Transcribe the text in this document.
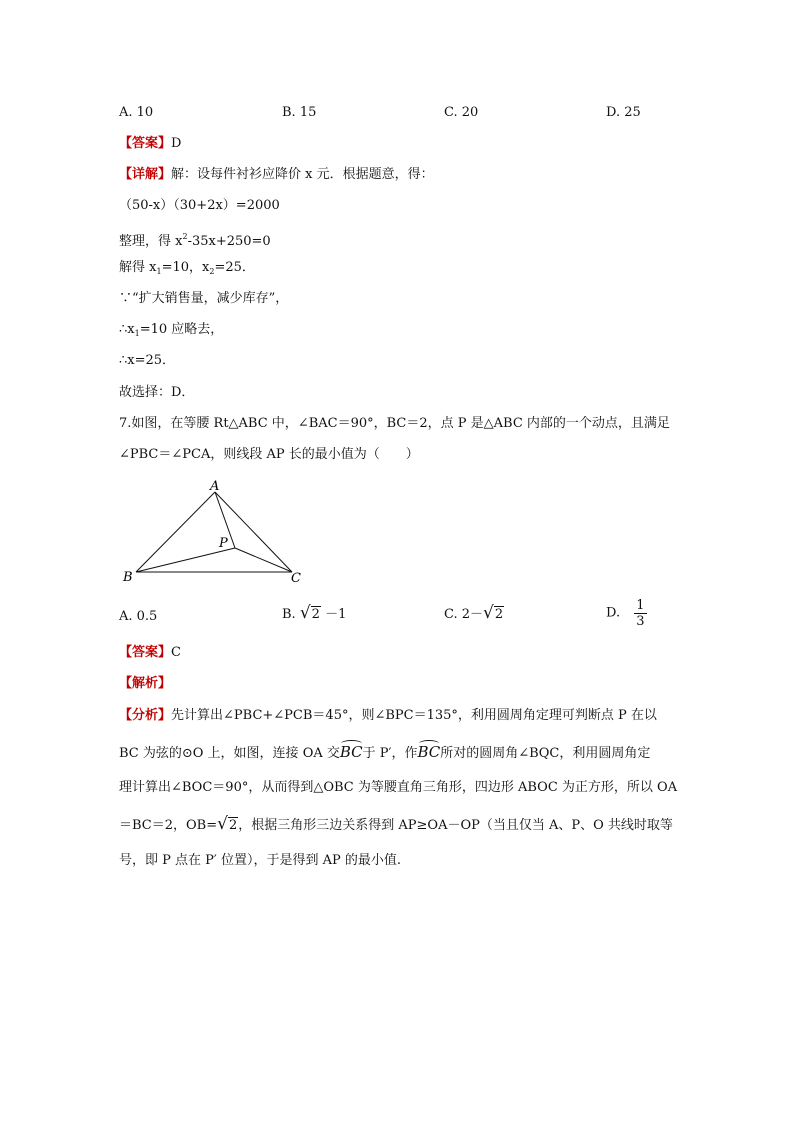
A. 10	B. 15	C. 20	D. 25
【答案】D
【详解】解：设每件衬衫应降价 x 元．根据题意，得：
（50-x）（30+2x）=2000
整理，得 $x^2-35x+250=0$
解得 $x_1=10$，$x_2=25$．
∵“扩大销售量，减少库存”，
$\therefore x_1=10$ 应略去，
∴x=25．
故选择：D．
7.如图，在等腰 Rt△ABC 中，∠BAC＝90°，BC＝2，点 P 是△ABC 内部的一个动点，且满足
∠PBC＝∠PCA，则线段 AP 长的最小值为（　　）
A
B	C
P
A. 0.5	B. √2 －1	C. 2－√2	D. $\frac{1}{3}$
【答案】C
【解析】
【分析】先计算出∠PBC+∠PCB＝45°，则∠BPC＝135°，利用圆周角定理可判断点 P 在以
BC 为弦的⊙O 上，如图，连接 OA 交BC于 P′，作BC所对的圆周角∠BQC，利用圆周角定
理计算出∠BOC＝90°，从而得到△OBC 为等腰直角三角形，四边形 ABOC 为正方形，所以 OA
＝BC＝2，OB=√2，根据三角形三边关系得到 AP≥OA－OP（当且仅当 A、P、O 共线时取等
号，即 P 点在 P′ 位置），于是得到 AP 的最小值.
